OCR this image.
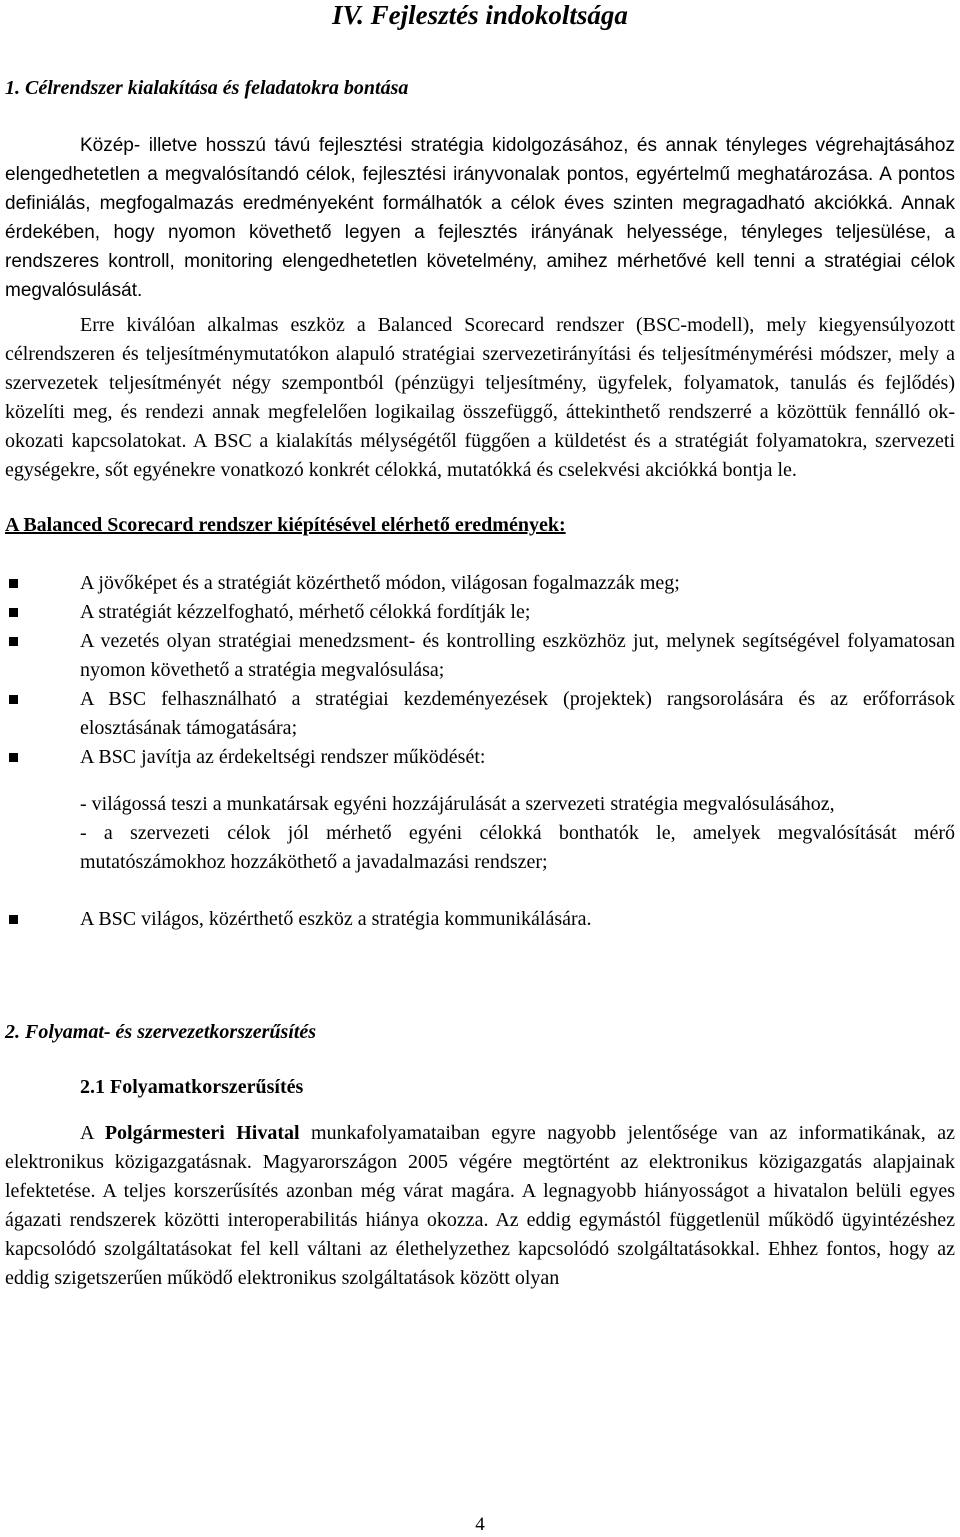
IV. Fejlesztés indokoltsága
1. Célrendszer kialakítása és feladatokra bontása

Közép- illetve hosszú távú fejlesztési stratégia kidolgozásához, és annak tényleges végrehajtásához elengedhetetlen a megvalósítandó célok, fejlesztési irányvonalak pontos, egyértelmű meghatározása. A pontos definiálás, megfogalmazás eredményeként formálhatók a célok éves szinten megragadható akciókká. Annak érdekében, hogy nyomon követhető legyen a fejlesztés irányának helyessége, tényleges teljesülése, a rendszeres kontroll, monitoring elengedhetetlen követelmény, amihez mérhetővé kell tenni a stratégiai célok megvalósulását.

Erre kiválóan alkalmas eszköz a Balanced Scorecard rendszer (BSC-modell), mely kiegyensúlyozott célrendszeren és teljesítménymutatókon alapuló stratégiai szervezetirányítási és teljesítménymérési módszer, mely a szervezetek teljesítményét négy szempontból (pénzügyi teljesítmény, ügyfelek, folyamatok, tanulás és fejlődés) közelíti meg, és rendezi annak megfelelően logikailag összefüggő, áttekinthető rendszerré a közöttük fennálló ok-okozati kapcsolatokat. A BSC a kialakítás mélységétől függően a küldetést és a stratégiát folyamatokra, szervezeti egységekre, sőt egyénekre vonatkozó konkrét célokká, mutatókká és cselekvési akciókká bontja le.

A Balanced Scorecard rendszer kiépítésével elérhető eredmények:
A jövőképet és a stratégiát közérthető módon, világosan fogalmazzák meg;
A stratégiát kézzelfogható, mérhető célokká fordítják le;
A vezetés olyan stratégiai menedzsment- és kontrolling eszközhöz jut, melynek segítségével folyamatosan nyomon követhető a stratégia megvalósulása;
A BSC felhasználható a stratégiai kezdeményezések (projektek) rangsorolására és az erőforrások elosztásának támogatására;
A BSC javítja az érdekeltségi rendszer működését:

- világossá teszi a munkatársak egyéni hozzájárulását a szervezeti stratégia megvalósulásához,

- a szervezeti célok jól mérhető egyéni célokká bonthatók le, amelyek megvalósítását mérő mutatószámokhoz hozzáköthető a javadalmazási rendszer;

A BSC világos, közérthető eszköz a stratégia kommunikálására.
2. Folyamat- és szervezetkorszerűsítés
2.1 Folyamatkorszerűsítés

A Polgármesteri Hivatal munkafolyamataiban egyre nagyobb jelentősége van az informatikának, az elektronikus közigazgatásnak. Magyarországon 2005 végére megtörtént az elektronikus közigazgatás alapjainak lefektetése. A teljes korszerűsítés azonban még várat magára. A legnagyobb hiányosságot a hivatalon belüli egyes ágazati rendszerek közötti interoperabilitás hiánya okozza. Az eddig egymástól függetlenül működő ügyintézéshez kapcsolódó szolgáltatásokat fel kell váltani az élethelyzethez kapcsolódó szolgáltatásokkal. Ehhez fontos, hogy az eddig szigetszerűen működő elektronikus szolgáltatások között olyan

4
